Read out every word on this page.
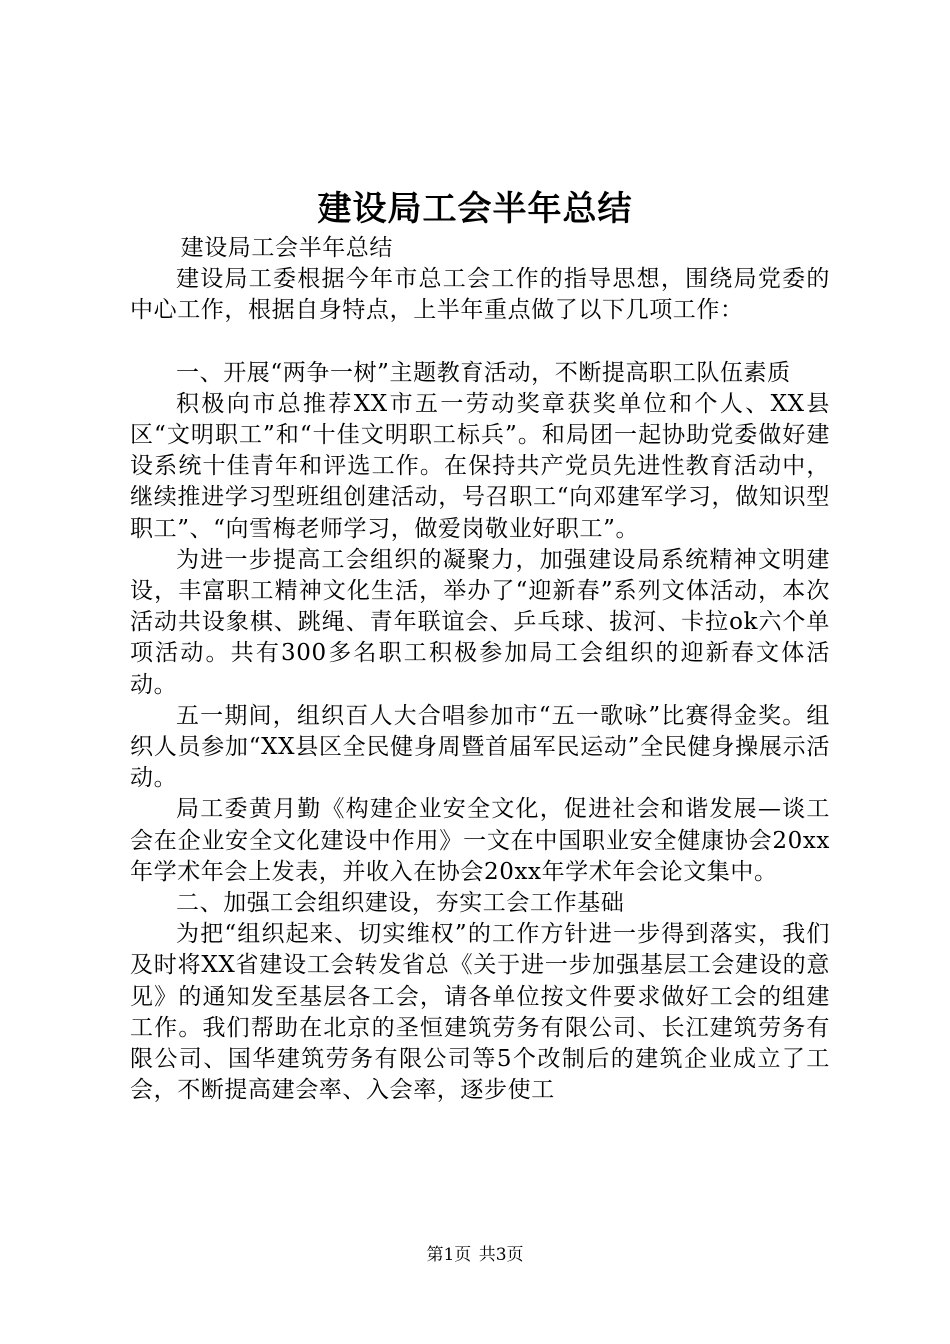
建设局工会半年总结

建设局工会半年总结

建设局工委根据今年市总工会工作的指导思想，围绕局党委的中心工作，根据自身特点，上半年重点做了以下几项工作：

一、开展“两争一树”主题教育活动，不断提高职工队伍素质

积极向市总推荐XX市五一劳动奖章获奖单位和个人、XX县区“文明职工”和“十佳文明职工标兵”。和局团一起协助党委做好建设系统十佳青年和评选工作。在保持共产党员先进性教育活动中，继续推进学习型班组创建活动，号召职工“向邓建军学习，做知识型职工”、“向雪梅老师学习，做爱岗敬业好职工”。

为进一步提高工会组织的凝聚力，加强建设局系统精神文明建设，丰富职工精神文化生活，举办了“迎新春”系列文体活动，本次活动共设象棋、跳绳、青年联谊会、乒乓球、拔河、卡拉ok六个单项活动。共有300多名职工积极参加局工会组织的迎新春文体活动。

五一期间，组织百人大合唱参加市“五一歌咏”比赛得金奖。组织人员参加“XX县区全民健身周暨首届军民运动”全民健身操展示活动。

局工委黄月勤《构建企业安全文化，促进社会和谐发展—谈工会在企业安全文化建设中作用》一文在中国职业安全健康协会20xx年学术年会上发表，并收入在协会20xx年学术年会论文集中。

二、加强工会组织建设，夯实工会工作基础

为把“组织起来、切实维权”的工作方针进一步得到落实，我们及时将XX省建设工会转发省总《关于进一步加强基层工会建设的意见》的通知发至基层各工会，请各单位按文件要求做好工会的组建工作。我们帮助在北京的圣恒建筑劳务有限公司、长江建筑劳务有限公司、国华建筑劳务有限公司等5个改制后的建筑企业成立了工会，不断提高建会率、入会率，逐步使工

第1页 共3页
